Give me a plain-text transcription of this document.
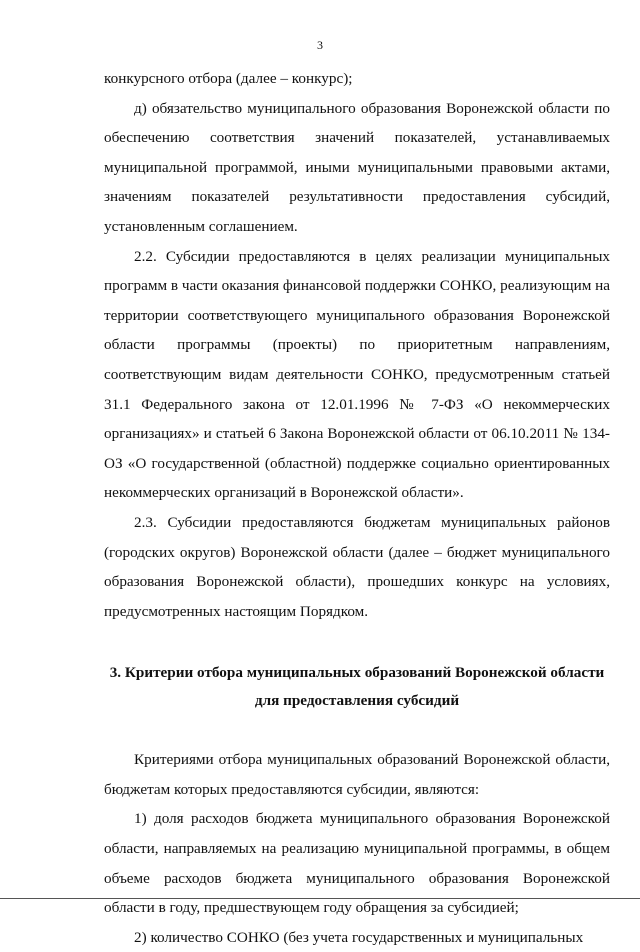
3

конкурсного отбора (далее – конкурс);

д) обязательство муниципального образования Воронежской области по обеспечению соответствия значений показателей, устанавливаемых муниципальной программой, иными муниципальными правовыми актами, значениям показателей результативности предоставления субсидий, установленным соглашением.

2.2. Субсидии предоставляются в целях реализации муниципальных программ в части оказания финансовой поддержки СОНКО, реализующим на территории соответствующего муниципального образования Воронежской области программы (проекты) по приоритетным направлениям, соответствующим видам деятельности СОНКО, предусмотренным статьей 31.1 Федерального закона от 12.01.1996 № 7-ФЗ «О некоммерческих организациях» и статьей 6 Закона Воронежской области от 06.10.2011 № 134-ОЗ «О государственной (областной) поддержке социально ориентированных некоммерческих организаций в Воронежской области».

2.3. Субсидии предоставляются бюджетам муниципальных районов (городских округов) Воронежской области (далее – бюджет муниципального образования Воронежской области), прошедших конкурс на условиях, предусмотренных настоящим Порядком.

3. Критерии отбора муниципальных образований Воронежской области
для предоставления субсидий

Критериями отбора муниципальных образований Воронежской области, бюджетам которых предоставляются субсидии, являются:

1) доля расходов бюджета муниципального образования Воронежской области, направляемых на реализацию муниципальной программы, в общем объеме расходов бюджета муниципального образования Воронежской области в году, предшествующем году обращения за субсидией;

2) количество СОНКО (без учета государственных и муниципальных
